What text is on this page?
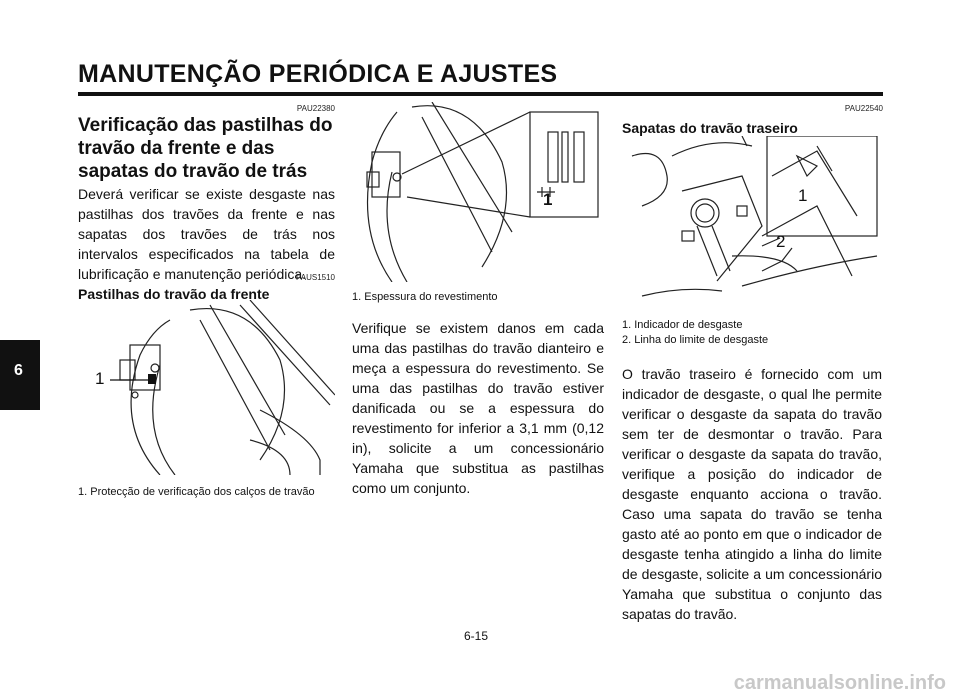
MANUTENÇÃO PERIÓDICA E AJUSTES
6
PAU22380
Verificação das pastilhas do travão da frente e das sapatas do travão de trás
Deverá verificar se existe desgaste nas pastilhas dos travões da frente e nas sapatas dos travões de trás nos intervalos especificados na tabela de lubrificação e manutenção periódica.
PAUS1510
Pastilhas do travão da frente
1
1. Protecção de verificação dos calços de travão
1
1. Espessura do revestimento
Verifique se existem danos em cada uma das pastilhas do travão dianteiro e meça a espessura do revestimento. Se uma das pastilhas do travão estiver danificada ou se a espessura do revestimento for inferior a 3,1 mm (0,12 in), solicite a um concessionário Yamaha que substitua as pastilhas como um conjunto.
PAU22540
Sapatas do travão traseiro
1
2
1. Indicador de desgaste
2. Linha do limite de desgaste
O travão traseiro é fornecido com um indicador de desgaste, o qual lhe permite verificar o desgaste da sapata do travão sem ter de desmontar o travão. Para verificar o desgaste da sapata do travão, verifique a posição do indicador de desgaste enquanto acciona o travão. Caso uma sapata do travão se tenha gasto até ao ponto em que o indicador de desgaste tenha atingido a linha do limite de desgaste, solicite a um concessionário Yamaha que substitua o conjunto das sapatas do travão.
6-15
carmanualsonline.info
